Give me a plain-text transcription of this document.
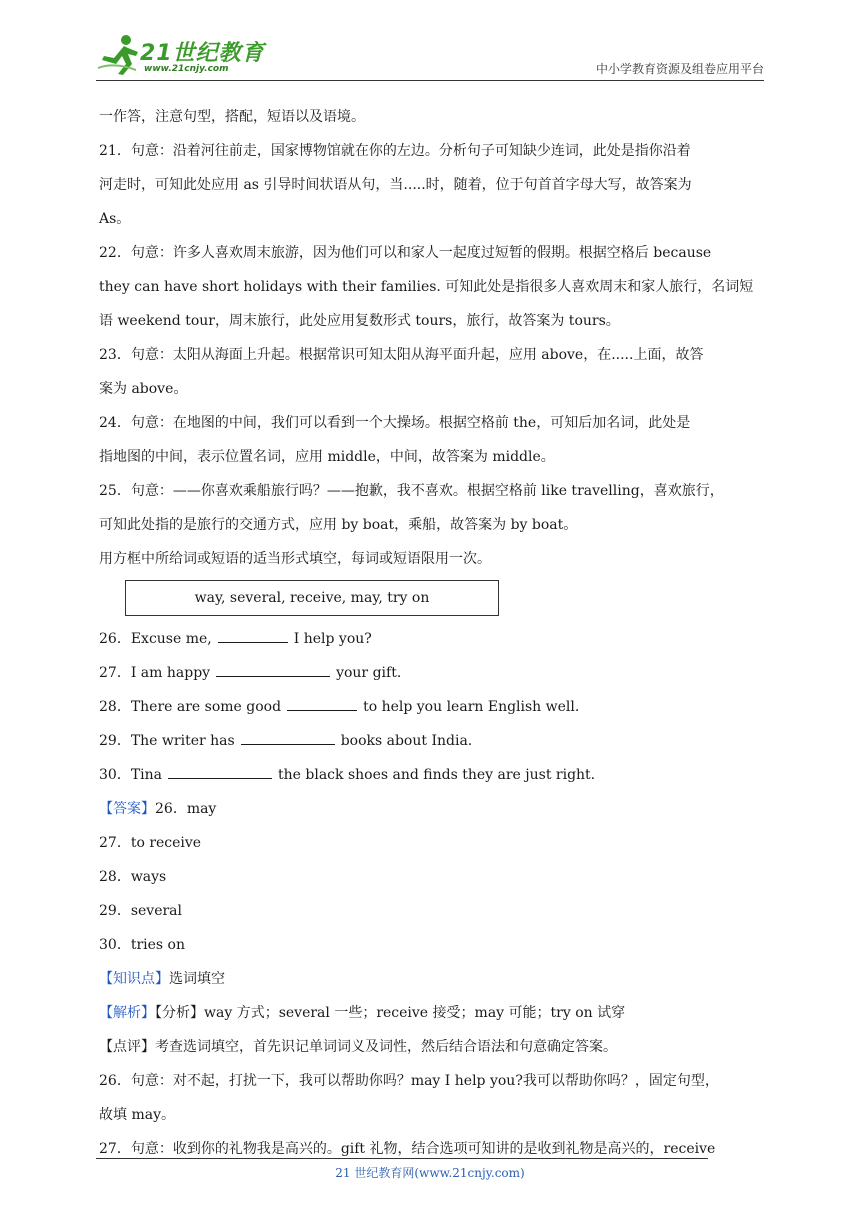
21世纪教育
www.21cnjy.com	中小学教育资源及组卷应用平台

一作答，注意句型，搭配，短语以及语境。

21．句意：沿着河往前走，国家博物馆就在你的左边。分析句子可知缺少连词，此处是指你沿着

河走时，可知此处应用 as 引导时间状语从句，当.....时，随着，位于句首首字母大写，故答案为

As。

22．句意：许多人喜欢周末旅游，因为他们可以和家人一起度过短暂的假期。根据空格后 because

they can have short holidays with their families. 可知此处是指很多人喜欢周末和家人旅行，名词短

语 weekend tour，周末旅行，此处应用复数形式 tours，旅行，故答案为 tours。

23．句意：太阳从海面上升起。根据常识可知太阳从海平面升起，应用 above，在.....上面，故答

案为 above。

24．句意：在地图的中间，我们可以看到一个大操场。根据空格前 the，可知后加名词，此处是

指地图的中间，表示位置名词，应用 middle，中间，故答案为 middle。

25．句意：——你喜欢乘船旅行吗？——抱歉，我不喜欢。根据空格前 like travelling，喜欢旅行，

可知此处指的是旅行的交通方式，应用 by boat，乘船，故答案为 by boat。

用方框中所给词或短语的适当形式填空，每词或短语限用一次。

way, several, receive, may, try on

26．Excuse me,	I help you?

27．I am happy	your gift.

28．There are some good	to help you learn English well.

29．The writer has	books about India.

30．Tina	the black shoes and finds they are just right.

【答案】26．may

27．to receive

28．ways

29．several

30．tries on

【知识点】选词填空

【解析】【分析】way 方式；several 一些；receive 接受；may 可能；try on 试穿

【点评】考查选词填空，首先识记单词词义及词性，然后结合语法和句意确定答案。

26．句意：对不起，打扰一下，我可以帮助你吗？may I help you?我可以帮助你吗？，固定句型，

故填 may。

27．句意：收到你的礼物我是高兴的。gift 礼物，结合选项可知讲的是收到礼物是高兴的，receive

21 世纪教育网(www.21cnjy.com)
